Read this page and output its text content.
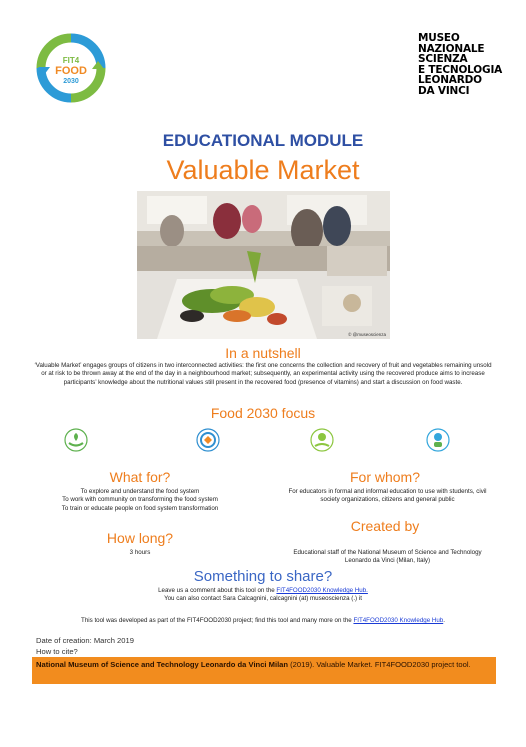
FIT4
FOOD
2030
MUSEO
NAZIONALE
SCIENZA
E TECNOLOGIA
LEONARDO
DA VINCI
EDUCATIONAL MODULE
Valuable Market
© @museoscienza
In a nutshell
‘Valuable Market’ engages groups of citizens in two interconnected activities: the first one concerns the collection and recovery of fruit and vegetables remaining unsold or at risk to be thrown away at the end of the day in a neighbourhood market; subsequently, an experimental activity using the recovered produce aims to increase participants’ knowledge about the nutritional values still present in the recovered food (presence of vitamins) and start a discussion on food waste.
Food 2030 focus
What for?
To explore and understand the food system
To work with community on transforming the food system
To train or educate people on food system transformation
For whom?
For educators in formal and informal education to use with students, civil
society organizations, citizens and general public
How long?
3 hours
Created by
Educational staff of the National Museum of Science and Technology
Leonardo da Vinci (Milan, Italy)
Something to share?
Leave us a comment about this tool on the FIT4FOOD2030 Knowledge Hub.
You can also contact Sara Calcagnini, calcagnini (at) museoscienza (.) it
This tool was developed as part of the FIT4FOOD2030 project; find this tool and many more on the FIT4FOOD2030 Knowledge Hub.
Date of creation: March 2019
How to cite?
National Museum of Science and Technology Leonardo da Vinci Milan (2019). Valuable Market. FIT4FOOD2030 project tool.
